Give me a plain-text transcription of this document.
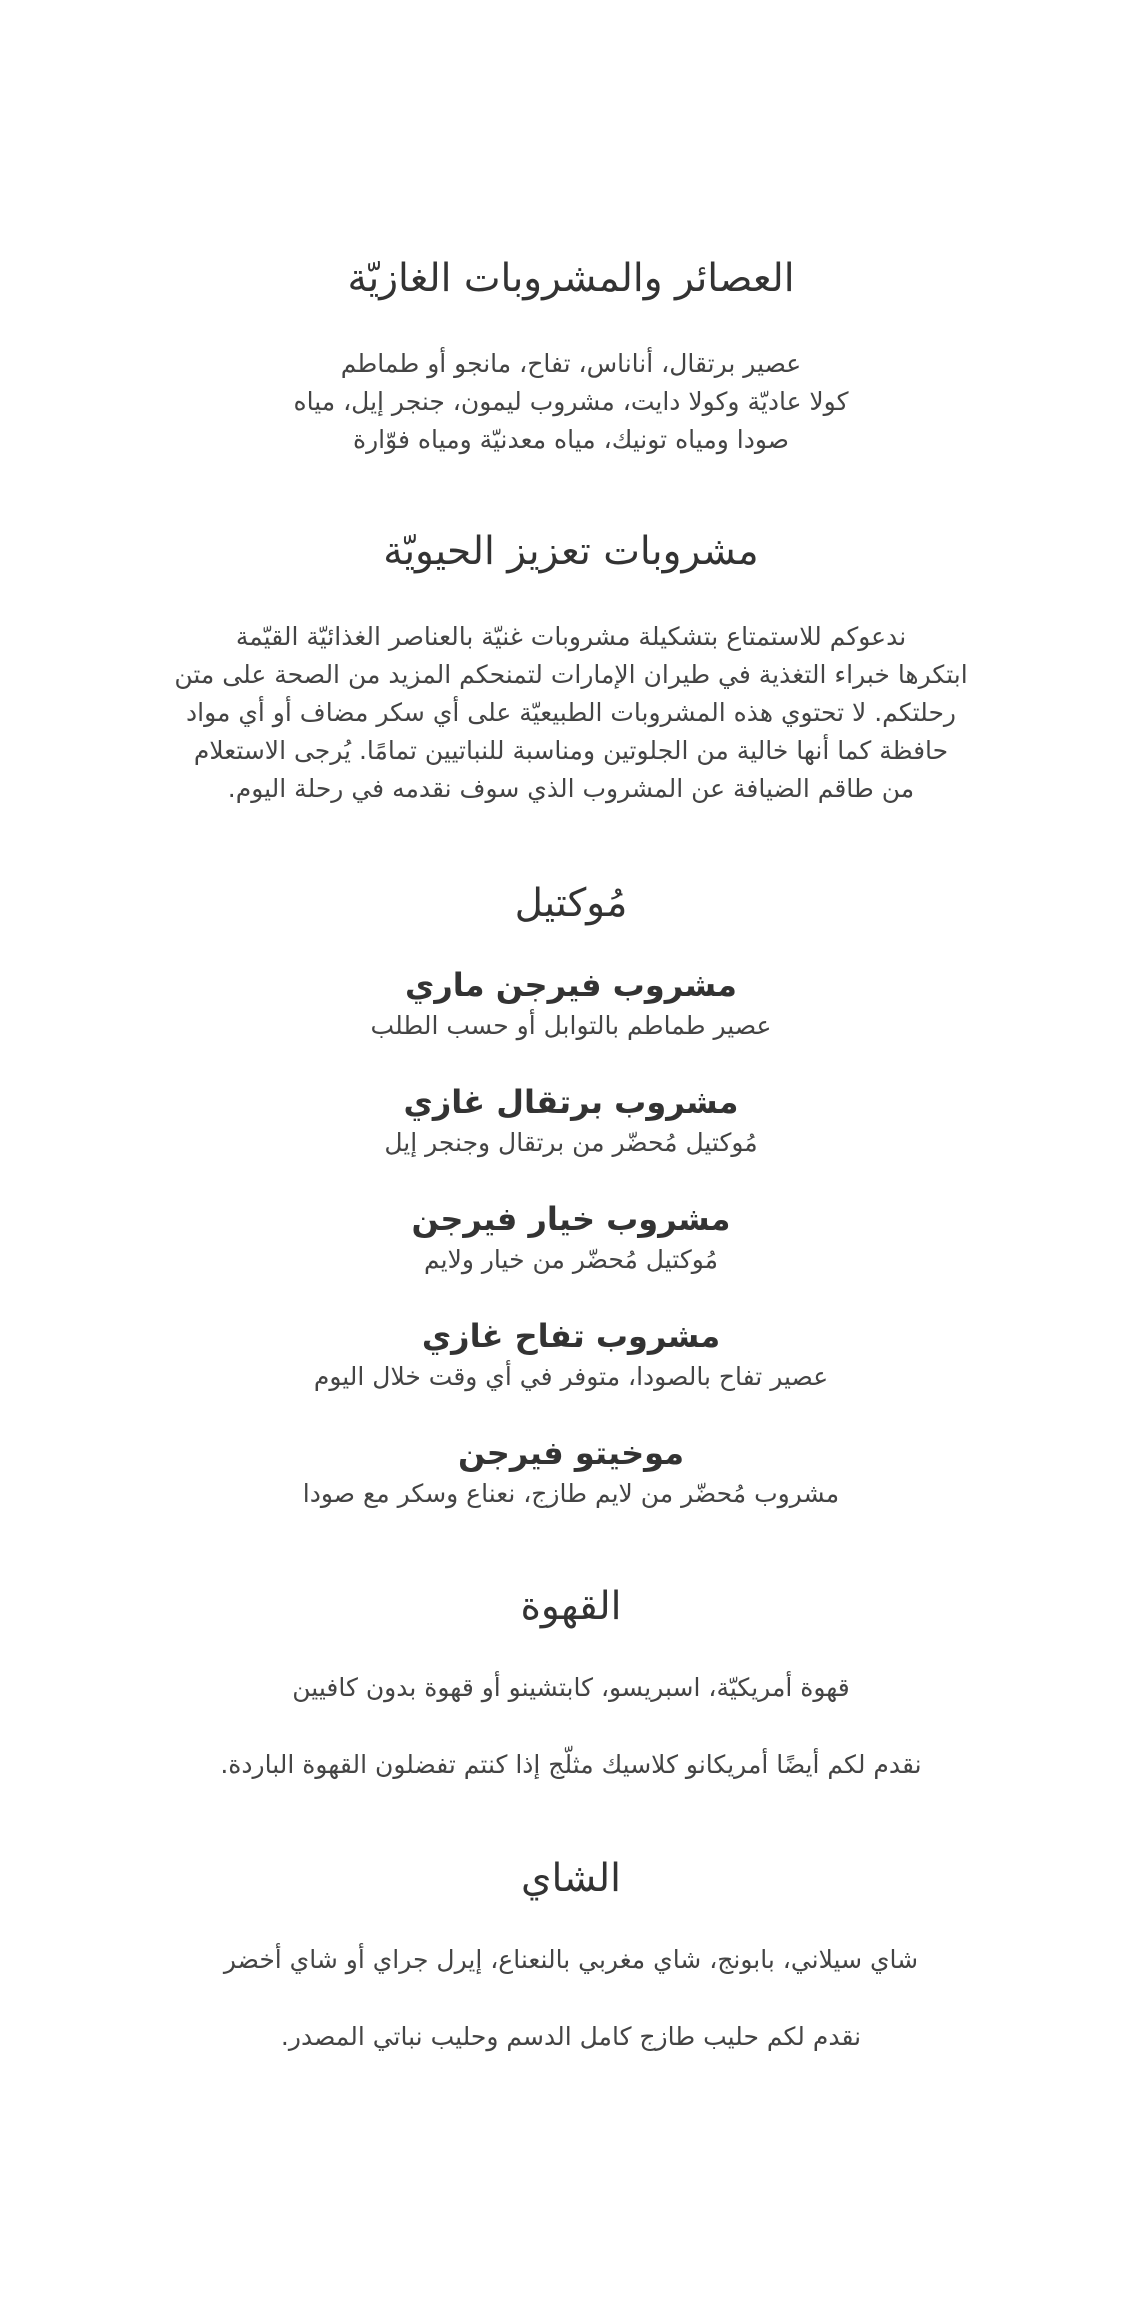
العصائر والمشروبات الغازيّة
عصير برتقال، أناناس، تفاح، مانجو أو طماطم
كولا عاديّة وكولا دايت، مشروب ليمون، جنجر إيل، مياه
صودا ومياه تونيك، مياه معدنيّة ومياه فوّارة
مشروبات تعزيز الحيويّة
ندعوكم للاستمتاع بتشكيلة مشروبات غنيّة بالعناصر الغذائيّة القيّمة
ابتكرها خبراء التغذية في طيران الإمارات لتمنحكم المزيد من الصحة على متن
رحلتكم. لا تحتوي هذه المشروبات الطبيعيّة على أي سكر مضاف أو أي مواد
حافظة كما أنها خالية من الجلوتين ومناسبة للنباتيين تمامًا. يُرجى الاستعلام
من طاقم الضيافة عن المشروب الذي سوف نقدمه في رحلة اليوم.
مُوكتيل
مشروب فيرجن ماري

عصير طماطم بالتوابل أو حسب الطلب

مشروب برتقال غازي

مُوكتيل مُحضّر من برتقال وجنجر إيل

مشروب خيار فيرجن

مُوكتيل مُحضّر من خيار ولايم

مشروب تفاح غازي

عصير تفاح بالصودا، متوفر في أي وقت خلال اليوم

موخيتو فيرجن

مشروب مُحضّر من لايم طازج، نعناع وسكر مع صودا

القهوة

قهوة أمريكيّة، اسبريسو، كابتشينو أو قهوة بدون كافيين

نقدم لكم أيضًا أمريكانو كلاسيك مثلّج إذا كنتم تفضلون القهوة الباردة.

الشاي

شاي سيلاني، بابونج، شاي مغربي بالنعناع، إيرل جراي أو شاي أخضر

نقدم لكم حليب طازج كامل الدسم وحليب نباتي المصدر.
